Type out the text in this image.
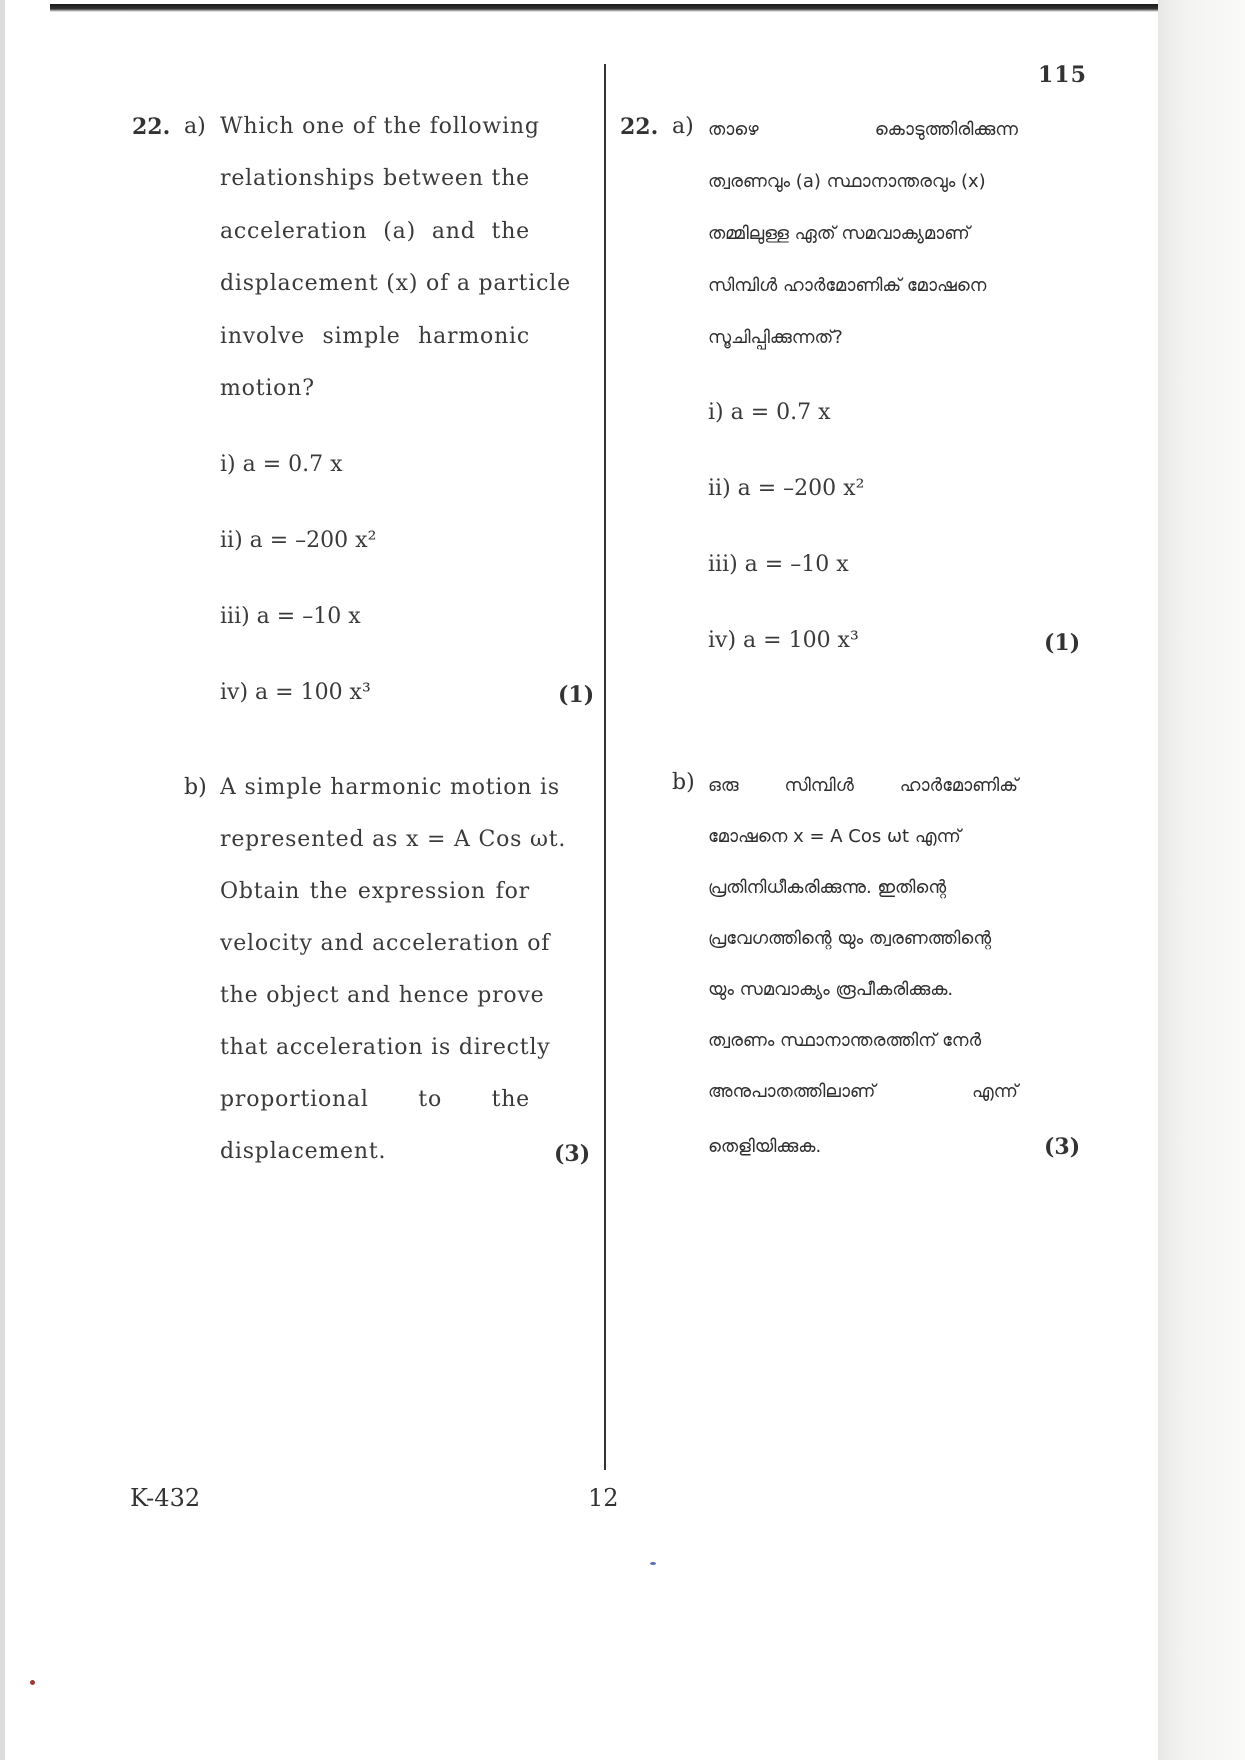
115
22. a) Which one of the following
relationships between the
acceleration (a) and the
displacement (x) of a particle
involve simple harmonic
motion?
i) a = 0.7 x
ii) a = –200 x²
iii) a = –10 x
iv) a = 100 x³	(1)
b) A simple harmonic motion is
represented as x = A Cos ωt.
Obtain the expression for
velocity and acceleration of
the object and hence prove
that acceleration is directly
proportional to the
displacement.	(3)
22. a) താഴെ കൊടുത്തിരിക്കുന്ന
ത്വരണവും (a) സ്ഥാനാന്തരവും (x)
തമ്മിലുള്ള ഏത് സമവാക്യമാണ്
സിമ്പിൾ ഹാർമോണിക് മോഷനെ
സൂചിപ്പിക്കുന്നത്?
i) a = 0.7 x
ii) a = –200 x²
iii) a = –10 x
iv) a = 100 x³	(1)
b) ഒരു സിമ്പിൾ ഹാർമോണിക്
മോഷനെ x = A Cos ωt എന്ന്
പ്രതിനിധീകരിക്കുന്നു. ഇതിന്റെ
പ്രവേഗത്തിന്റെ യും ത്വരണത്തിന്റെ
യും സമവാക്യം രൂപീകരിക്കുക.
ത്വരണം സ്ഥാനാന്തരത്തിന് നേർ
അനുപാതത്തിലാണ് എന്ന്
തെളിയിക്കുക.	(3)
K-432	12
